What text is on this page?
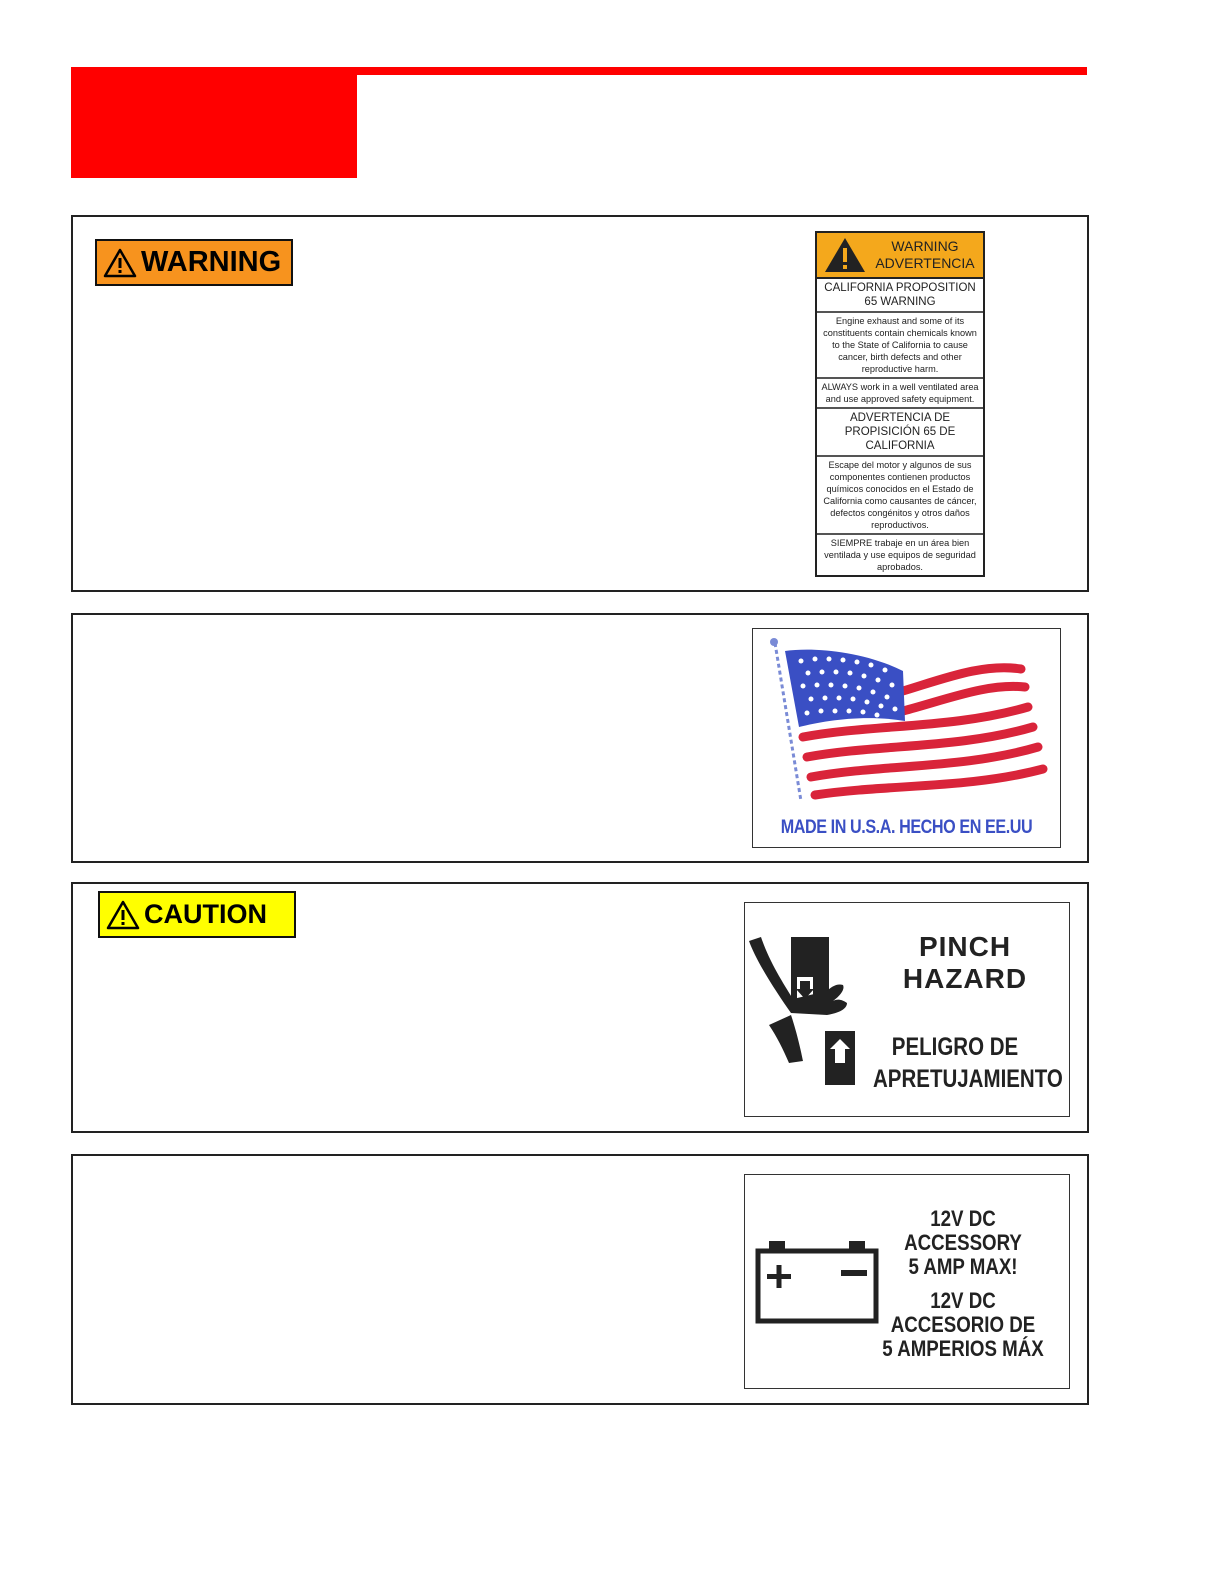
WARNING	WARNING
ADVERTENCIA
CALIFORNIA PROPOSITION 65 WARNING
Engine exhaust and some of its constituents contain chemicals known to the State of California to cause cancer, birth defects and other reproductive harm.
ALWAYS work in a well ventilated area and use approved safety equipment.
ADVERTENCIA DE PROPISICIÓN 65 DE CALIFORNIA
Escape del motor y algunos de sus componentes contienen productos químicos conocidos en el Estado de California como causantes de cáncer, defectos congénitos y otros daños reproductivos.
SIEMPRE trabaje en un área bien ventilada y use equipos de seguridad aprobados.
MADE IN U.S.A. HECHO EN EE.UU
CAUTION
PINCH
HAZARD
PELIGRO DE
APRETUJAMIENTO
12V DC
ACCESSORY
5 AMP MAX!
12V DC
ACCESORIO DE
5 AMPERIOS MÁX
